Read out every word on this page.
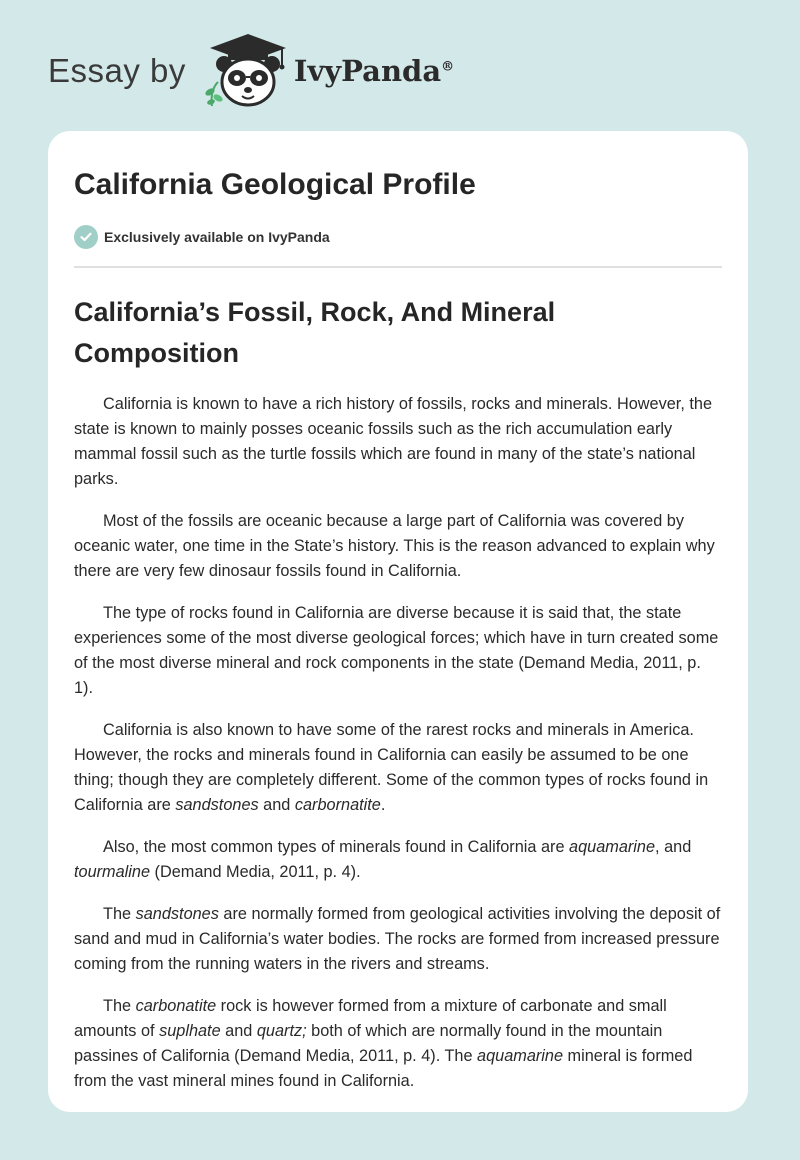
Essay by	IvyPanda®
California Geological Profile
Exclusively available on IvyPanda
California’s Fossil, Rock, And Mineral Composition

California is known to have a rich history of fossils, rocks and minerals. However, the state is known to mainly posses oceanic fossils such as the rich accumulation early mammal fossil such as the turtle fossils which are found in many of the state’s national parks.

Most of the fossils are oceanic because a large part of California was covered by oceanic water, one time in the State’s history. This is the reason advanced to explain why there are very few dinosaur fossils found in California.

The type of rocks found in California are diverse because it is said that, the state experiences some of the most diverse geological forces; which have in turn created some of the most diverse mineral and rock components in the state (Demand Media, 2011, p. 1).

California is also known to have some of the rarest rocks and minerals in America. However, the rocks and minerals found in California can easily be assumed to be one thing; though they are completely different. Some of the common types of rocks found in California are sandstones and carbornatite.

Also, the most common types of minerals found in California are aquamarine, and tourmaline (Demand Media, 2011, p. 4).

The sandstones are normally formed from geological activities involving the deposit of sand and mud in California’s water bodies. The rocks are formed from increased pressure coming from the running waters in the rivers and streams.

The carbonatite rock is however formed from a mixture of carbonate and small amounts of suplhate and quartz; both of which are normally found in the mountain passines of California (Demand Media, 2011, p. 4). The aquamarine mineral is formed from the vast mineral mines found in California.
